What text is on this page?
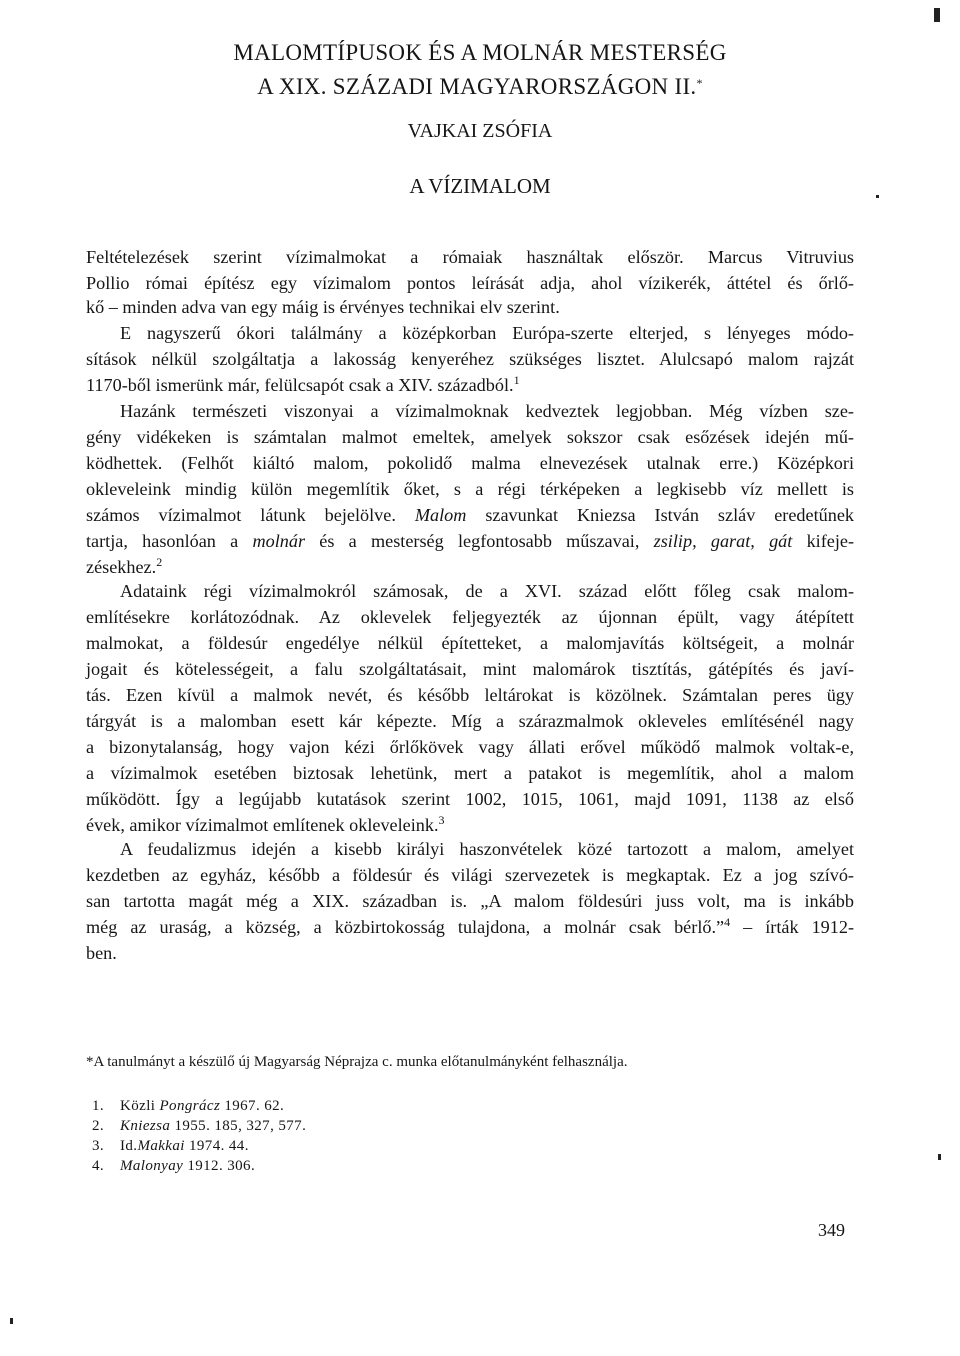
MALOMTÍPUSOK ÉS A MOLNÁR MESTERSÉG
A XIX. SZÁZADI MAGYARORSZÁGON II.*
VAJKAI ZSÓFIA
A VÍZIMALOM
Feltételezések szerint vízimalmokat a rómaiak használtak először. Marcus Vitruvius
Pollio római építész egy vízimalom pontos leírását adja, ahol vízikerék, áttétel és őrlő-
kő – minden adva van egy máig is érvényes technikai elv szerint.
E nagyszerű ókori találmány a középkorban Európa-szerte elterjed, s lényeges módo-
sítások nélkül szolgáltatja a lakosság kenyeréhez szükséges lisztet. Alulcsapó malom rajzát
1170-ből ismerünk már, felülcsapót csak a XIV. századból.$^1$
Hazánk természeti viszonyai a vízimalmoknak kedveztek legjobban. Még vízben sze-
gény vidékeken is számtalan malmot emeltek, amelyek sokszor csak esőzések idején mű-
ködhettek. (Felhőt kiáltó malom, pokolidő malma elnevezések utalnak erre.) Középkori
okleveleink mindig külön megemlítik őket, s a régi térképeken a legkisebb víz mellett is
számos vízimalmot látunk bejelölve. Malom szavunkat Kniezsa István szláv eredetűnek
tartja, hasonlóan a molnár és a mesterség legfontosabb műszavai, zsilip, garat, gát kifeje-
zésekhez.$^2$
Adataink régi vízimalmokról számosak, de a XVI. század előtt főleg csak malom-
említésekre korlátozódnak. Az oklevelek feljegyezték az újonnan épült, vagy átépített
malmokat, a földesúr engedélye nélkül építetteket, a malomjavítás költségeit, a molnár
jogait és kötelességeit, a falu szolgáltatásait, mint malomárok tisztítás, gátépítés és javí-
tás. Ezen kívül a malmok nevét, és később leltárokat is közölnek. Számtalan peres ügy
tárgyát is a malomban esett kár képezte. Míg a szárazmalmok okleveles említésénél nagy
a bizonytalanság, hogy vajon kézi őrlőkövek vagy állati erővel működő malmok voltak-e,
a vízimalmok esetében biztosak lehetünk, mert a patakot is megemlítik, ahol a malom
működött. Így a legújabb kutatások szerint 1002, 1015, 1061, majd 1091, 1138 az első
évek, amikor vízimalmot említenek okleveleink.$^3$
A feudalizmus idején a kisebb királyi haszonvételek közé tartozott a malom, amelyet
kezdetben az egyház, később a földesúr és világi szervezetek is megkaptak. Ez a jog szívó-
san tartotta magát még a XIX. században is. „A malom földesúri juss volt, ma is inkább
még az uraság, a község, a közbirtokosság tulajdona, a molnár csak bérlő.”$^4$ – írták 1912-
ben.
*A tanulmányt a készülő új Magyarság Néprajza c. munka előtanulmányként felhasználja.
1. Közli Pongrácz 1967. 62.
2. Kniezsa 1955. 185, 327, 577.
3. Id.Makkai 1974. 44.
4. Malonyay 1912. 306.
349
